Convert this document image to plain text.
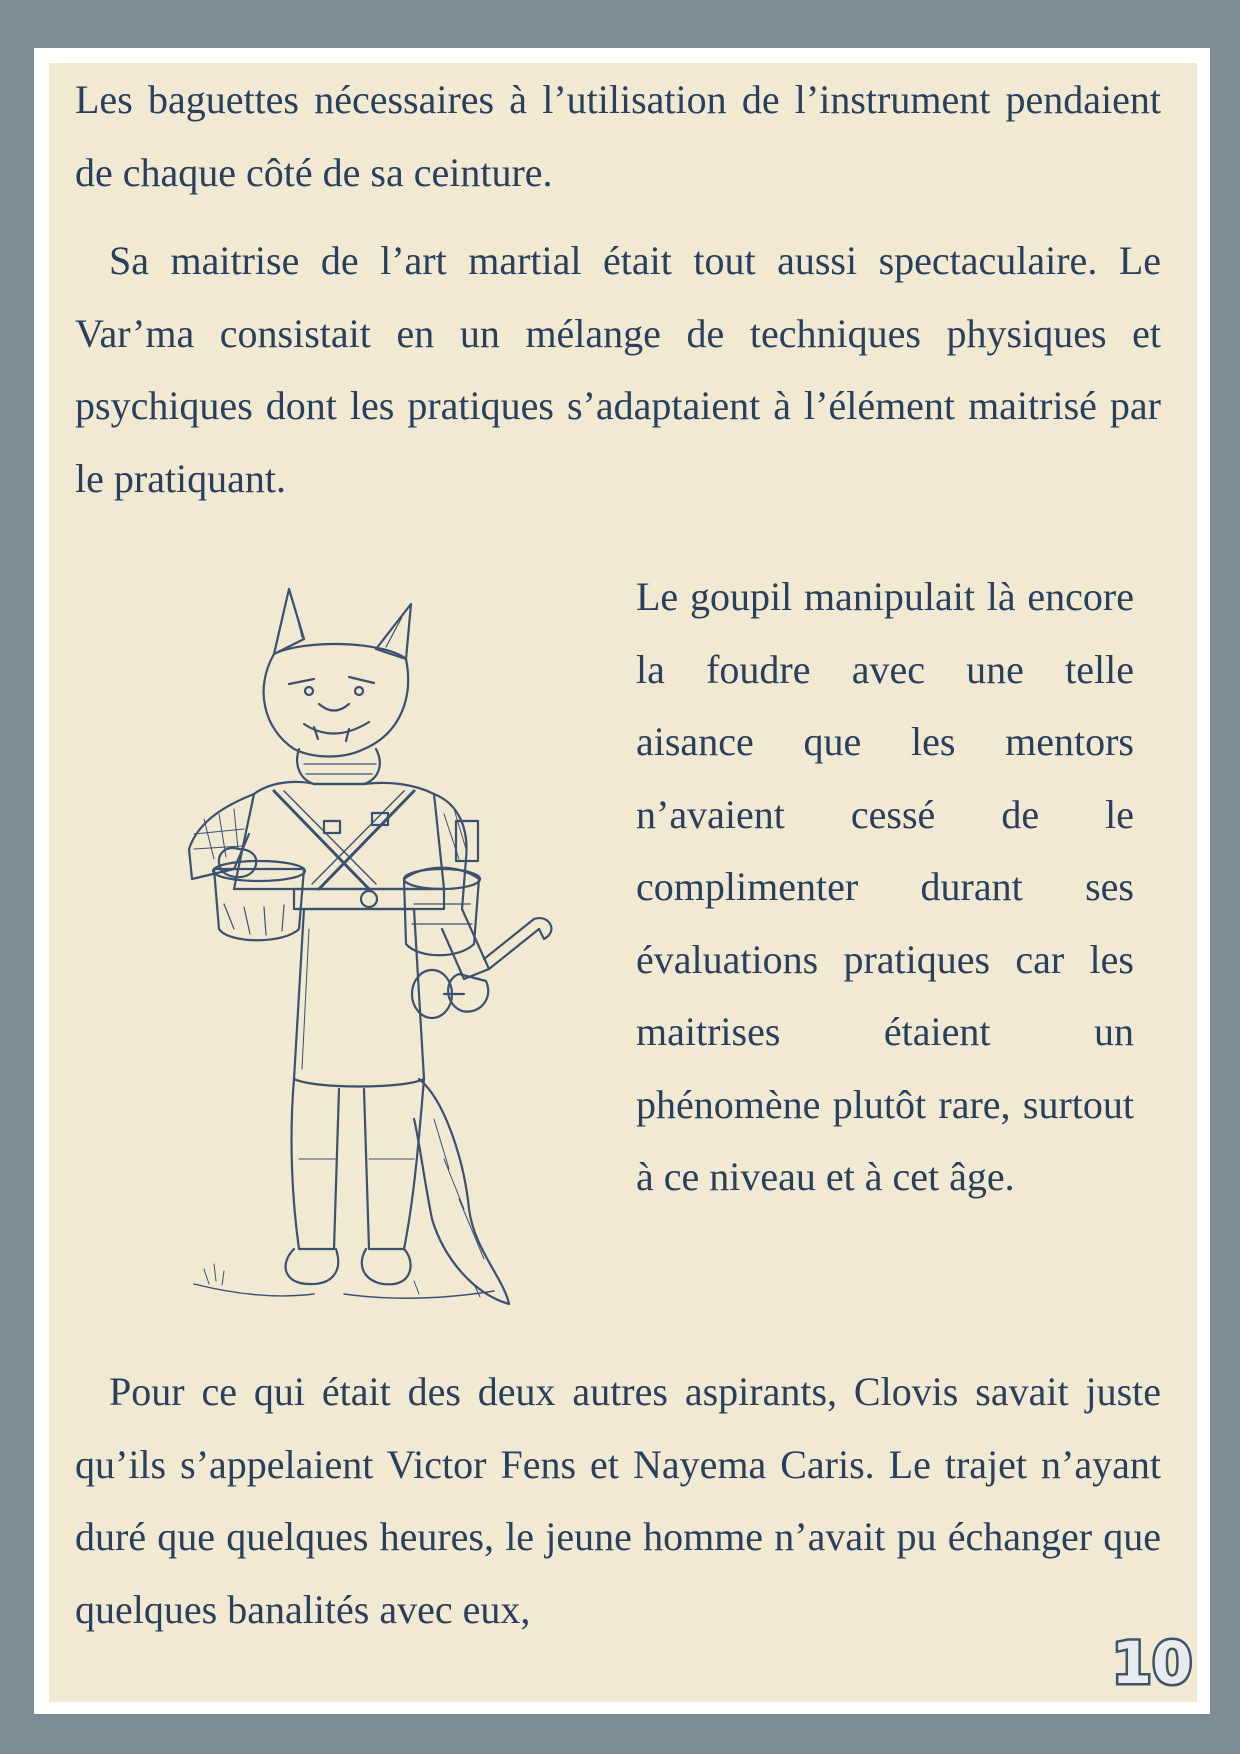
Les baguettes nécessaires à l’utilisation de l’instrument pendaient de chaque côté de sa ceinture.

Sa maitrise de l’art martial était tout aussi spectaculaire. Le Var’ma consistait en un mélange de techniques physiques et psychiques dont les pratiques s’adaptaient à l’élément maitrisé par le pratiquant.

Le goupil manipulait là encore la foudre avec une telle aisance que les mentors n’avaient cessé de le complimenter durant ses évaluations pratiques car les maitrises étaient un phénomène plutôt rare, surtout à ce niveau et à cet âge.

Pour ce qui était des deux autres aspirants, Clovis savait juste qu’ils s’appelaient Victor Fens et Nayema Caris. Le trajet n’ayant duré que quelques heures, le jeune homme n’avait pu échanger que quelques banalités avec eux,

10
